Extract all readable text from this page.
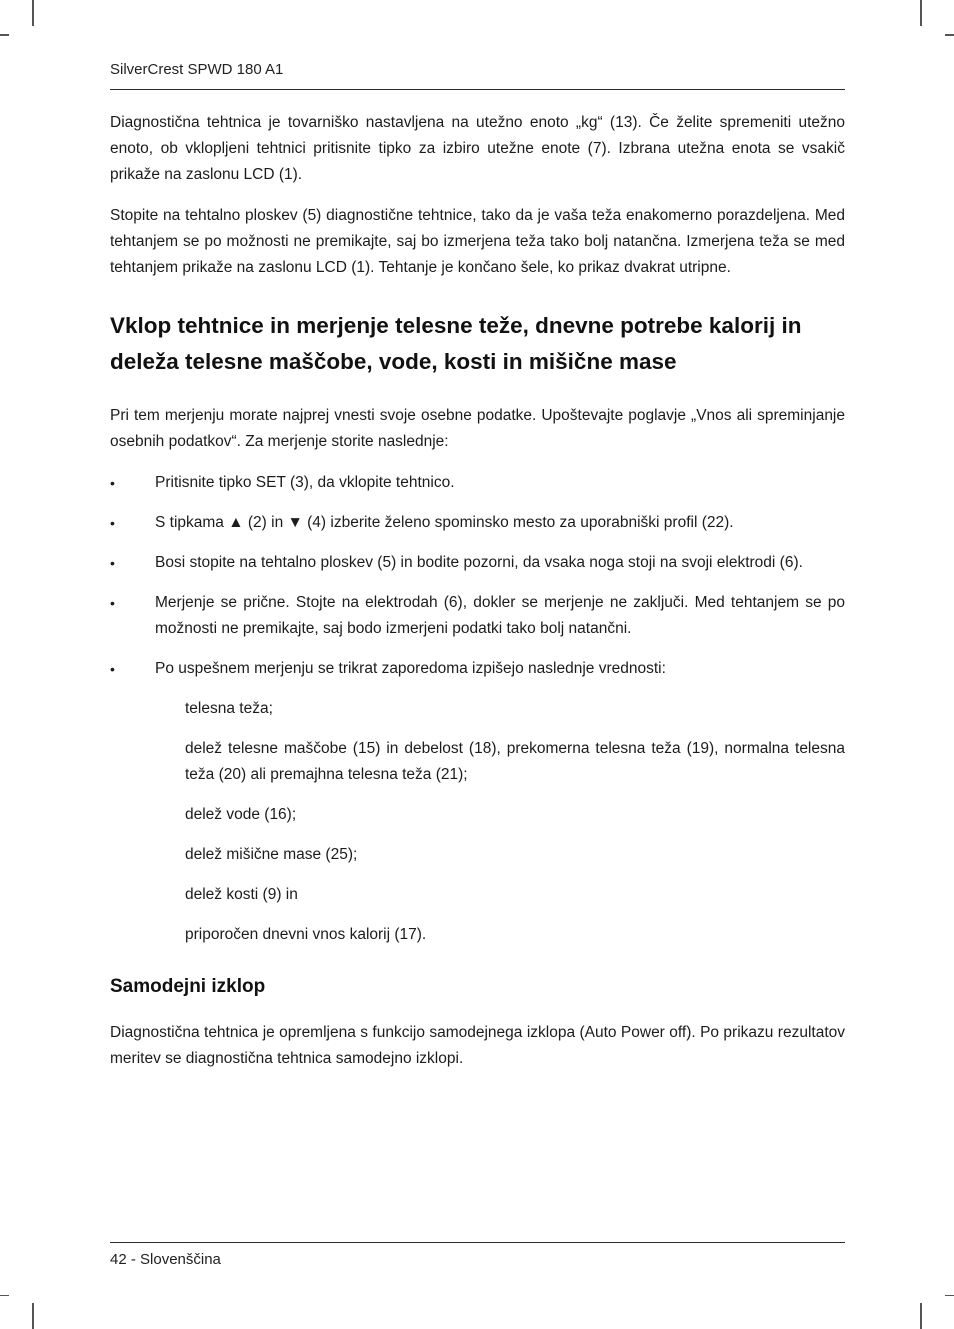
SilverCrest SPWD 180 A1

Diagnostična tehtnica je tovarniško nastavljena na utežno enoto „kg“ (13). Če želite spremeniti utežno enoto, ob vklopljeni tehtnici pritisnite tipko za izbiro utežne enote (7). Izbrana utežna enota se vsakič prikaže na zaslonu LCD (1).

Stopite na tehtalno ploskev (5) diagnostične tehtnice, tako da je vaša teža enakomerno porazdeljena. Med tehtanjem se po možnosti ne premikajte, saj bo izmerjena teža tako bolj natančna. Izmerjena teža se med tehtanjem prikaže na zaslonu LCD (1). Tehtanje je končano šele, ko prikaz dvakrat utripne.

Vklop tehtnice in merjenje telesne teže, dnevne potrebe kalorij in deleža telesne maščobe, vode, kosti in mišične mase

Pri tem merjenju morate najprej vnesti svoje osebne podatke. Upoštevajte poglavje „Vnos ali spreminjanje osebnih podatkov“. Za merjenje storite naslednje:

•	Pritisnite tipko SET (3), da vklopite tehtnico.
•	S tipkama ▲ (2) in ▼ (4) izberite želeno spominsko mesto za uporabniški profil (22).
•	Bosi stopite na tehtalno ploskev (5) in bodite pozorni, da vsaka noga stoji na svoji elektrodi (6).
•	Merjenje se prične. Stojte na elektrodah (6), dokler se merjenje ne zaključi. Med tehtanjem se po možnosti ne premikajte, saj bodo izmerjeni podatki tako bolj natančni.
•	Po uspešnem merjenju se trikrat zaporedoma izpišejo naslednje vrednosti:

telesna teža;

delež telesne maščobe (15) in debelost (18), prekomerna telesna teža (19), normalna telesna teža (20) ali premajhna telesna teža (21);

delež vode (16);

delež mišične mase (25);

delež kosti (9) in

priporočen dnevni vnos kalorij (17).

Samodejni izklop

Diagnostična tehtnica je opremljena s funkcijo samodejnega izklopa (Auto Power off). Po prikazu rezultatov meritev se diagnostična tehtnica samodejno izklopi.

42 - Slovenščina
